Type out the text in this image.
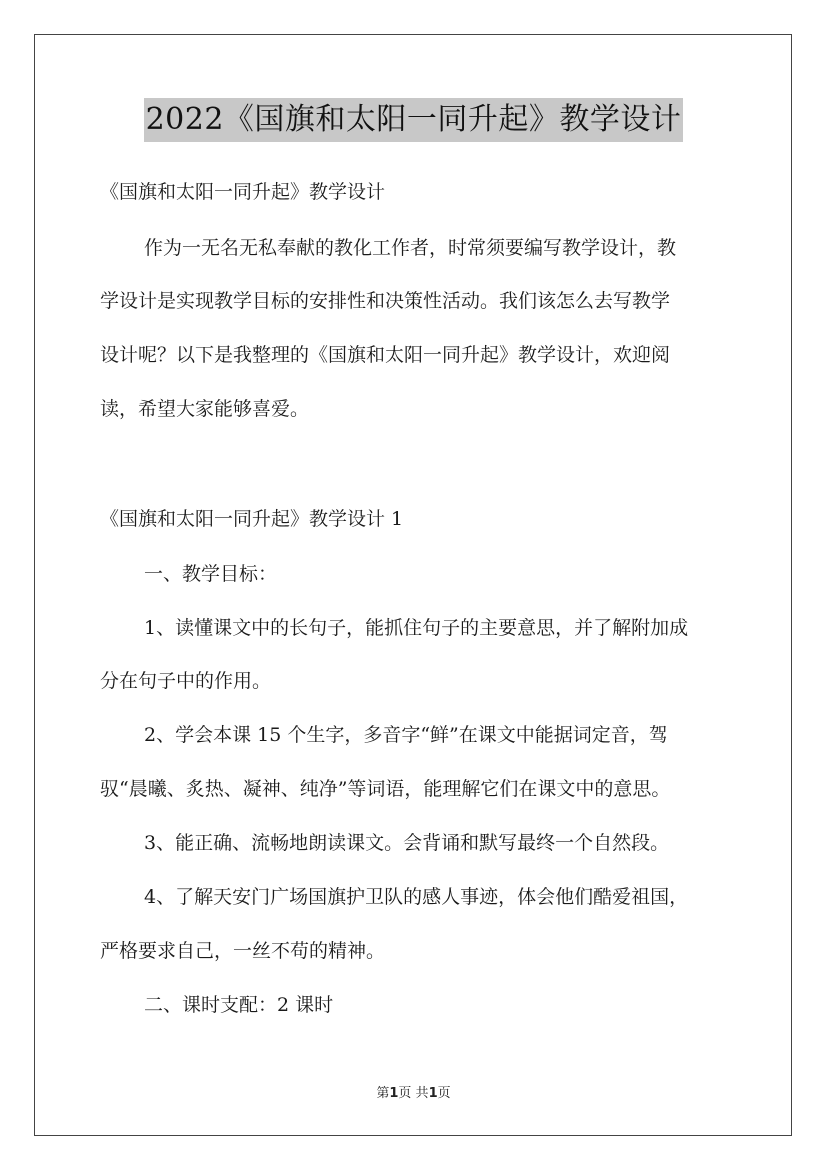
2022《国旗和太阳一同升起》教学设计
《国旗和太阳一同升起》教学设计
作为一无名无私奉献的教化工作者，时常须要编写教学设计，教
学设计是实现教学目标的安排性和决策性活动。我们该怎么去写教学
设计呢？以下是我整理的《国旗和太阳一同升起》教学设计，欢迎阅
读，希望大家能够喜爱。
《国旗和太阳一同升起》教学设计 1
一、教学目标：
1、读懂课文中的长句子，能抓住句子的主要意思，并了解附加成
分在句子中的作用。
2、学会本课 15 个生字，多音字“鲜”在课文中能据词定音，驾
驭“晨曦、炙热、凝神、纯净”等词语，能理解它们在课文中的意思。
3、能正确、流畅地朗读课文。会背诵和默写最终一个自然段。
4、了解天安门广场国旗护卫队的感人事迹，体会他们酷爱祖国，
严格要求自己，一丝不苟的精神。
二、课时支配：2 课时
第1页 共1页
